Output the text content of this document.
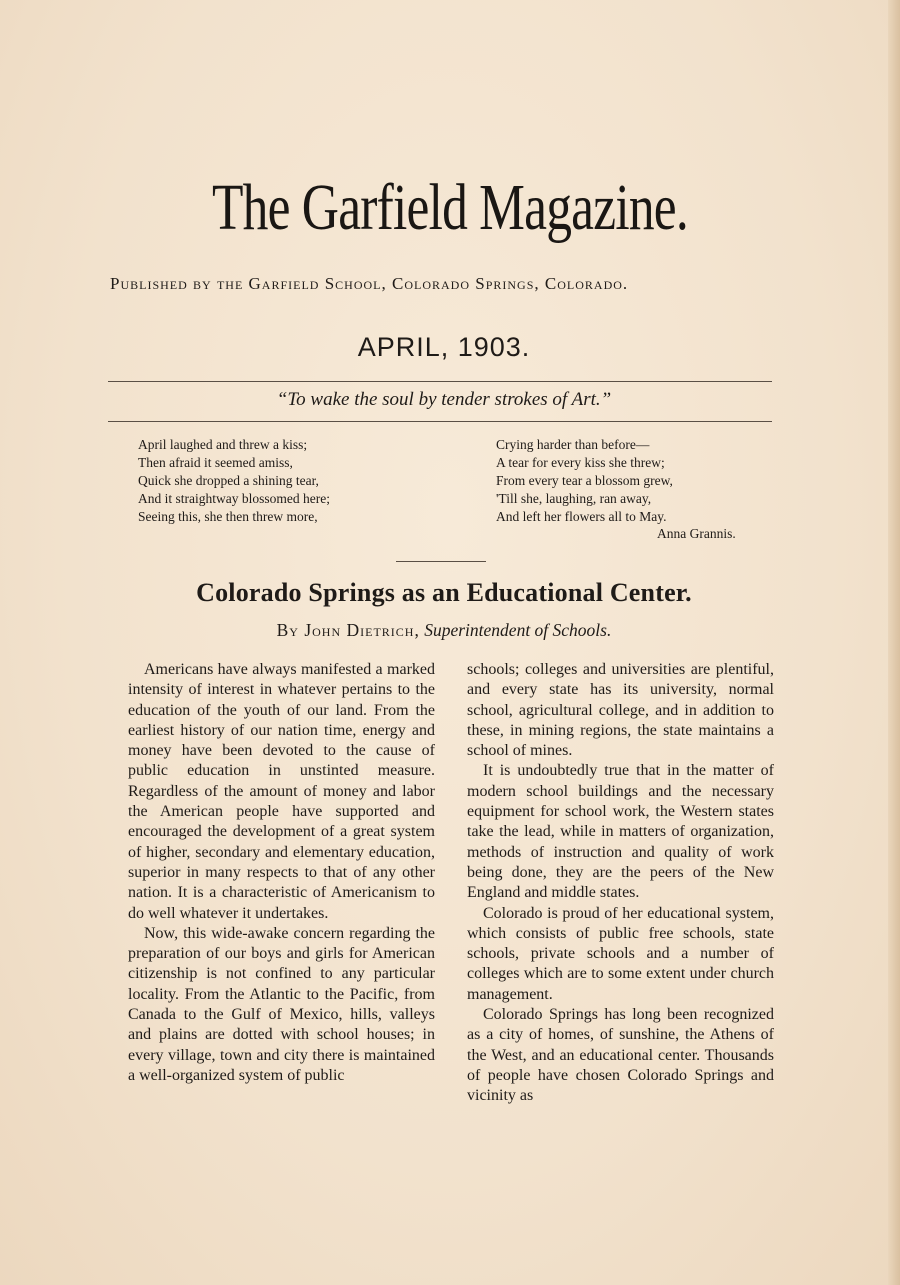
The Garfield Magazine.
Published by the Garfield School, Colorado Springs, Colorado.
APRIL, 1903.
“To wake the soul by tender strokes of Art.”
April laughed and threw a kiss;
Then afraid it seemed amiss,
Quick she dropped a shining tear,
And it straightway blossomed here;
Seeing this, she then threw more,
Crying harder than before—
A tear for every kiss she threw;
From every tear a blossom grew,
'Till she, laughing, ran away,
And left her flowers all to May.
Anna Grannis.
Colorado Springs as an Educational Center.
By John Dietrich, Superintendent of Schools.

Americans have always manifested a marked intensity of interest in whatever pertains to the education of the youth of our land. From the earliest history of our nation time, energy and money have been devoted to the cause of public education in unstinted measure. Regardless of the amount of money and labor the American people have supported and encouraged the development of a great system of higher, secondary and elementary education, superior in many respects to that of any other nation. It is a characteristic of Americanism to do well whatever it undertakes.

Now, this wide-awake concern regarding the preparation of our boys and girls for American citizenship is not confined to any particular locality. From the Atlantic to the Pacific, from Canada to the Gulf of Mexico, hills, valleys and plains are dotted with school houses; in every village, town and city there is maintained a well-organized system of public

schools; colleges and universities are plentiful, and every state has its university, normal school, agricultural college, and in addition to these, in mining regions, the state maintains a school of mines.

It is undoubtedly true that in the matter of modern school buildings and the necessary equipment for school work, the Western states take the lead, while in matters of organization, methods of instruction and quality of work being done, they are the peers of the New England and middle states.

Colorado is proud of her educational system, which consists of public free schools, state schools, private schools and a number of colleges which are to some extent under church management.

Colorado Springs has long been recognized as a city of homes, of sunshine, the Athens of the West, and an educational center. Thousands of people have chosen Colorado Springs and vicinity as
